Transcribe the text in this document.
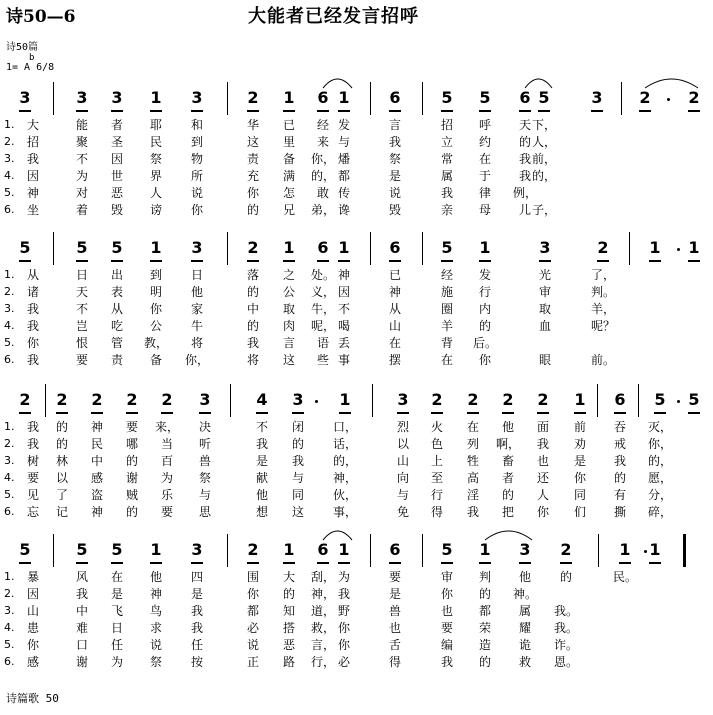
诗50—6	大能者已经发言招呼
诗50篇
b
1= A 6/8
3	3 3 1 3	2 1 6 1 6	5 5 6 5	3 2 2
1. 大	能 者 耶 和	华 已 经 发	言	招 呼 天 下，
2. 招	聚 圣 民 到	这 里 来 与	我	立 约 的 人，
3. 我	不 因 祭 物	责 备 你， 燔	祭	常 在 我 前，
4. 因	为 世 界 所	充 满 的， 都	是	属 于 我 的，
5. 神	对 恶 人 说	你 怎 敢 传	说	我 律 例，
6. 坐	着 毁 谤 你	的 兄 弟， 谗	毁	亲 母 儿 子，
5	5 5 1 3	2 1 6 1 6	5 1	3	2	1 1
1. 从	日 出 到 日	落 之 处。 神	已	经 发	光	了，
2. 诸	天 表 明 他	的 公 义， 因	神	施 行	审	判。
3. 我	不 从 你 家	中 取 牛， 不	从	圈 内	取	羊，
4. 我	岂 吃 公 牛	的 肉 呢， 喝	山	羊 的	血	呢？
5. 你	恨 管 教， 将	我 言 语 丢	在	背 后。
6. 我	要 责 备 你，	将 这 些 事	摆	在 你	眼	前。
2 2 2 2 2 3	4 3 1	3 2 2 2 2 1 6 5 5
1. 我 的 神 要 来， 决	不 闭 口，	烈 火 在 他 面 前 吞 灭，
2. 我 的 民 哪 当 听	我 的 话，	以 色 列 啊， 我 劝 戒 你，
3. 树 林 中 的 百 兽	是 我 的，	山 上 牲 畜 也 是 我 的，
4. 要 以 感 谢 为 祭	献 与 神，	向 至 高 者 还 你 的 愿，
5. 见 了 盗 贼 乐 与	他 同 伙，	与 行 淫 的 人 同 有 分，
6. 忘 记 神 的 要 思	想 这 事，	免 得 我 把 你 们 撕 碎，
5	5 5 1 3	2 1 6 1 6	5 1 3 2	1 1
1. 暴	风 在 他 四	围 大 刮， 为	要	审 判 他 的	民。
2. 因	我 是 神 是	你 的 神， 我	是	你 的 神。
3. 山	中 飞 鸟 我	都 知 道， 野	兽	也 都 属 我。
4. 患	难 日 求 我	必 搭 救， 你	也	要 荣 耀 我。
5. 你	口 任 说 任	说 恶 言， 你	舌	编 造 诡 诈。
6. 感	谢 为 祭 按	正 路 行， 必	得	我 的 救 恩。
诗篇歌 50
